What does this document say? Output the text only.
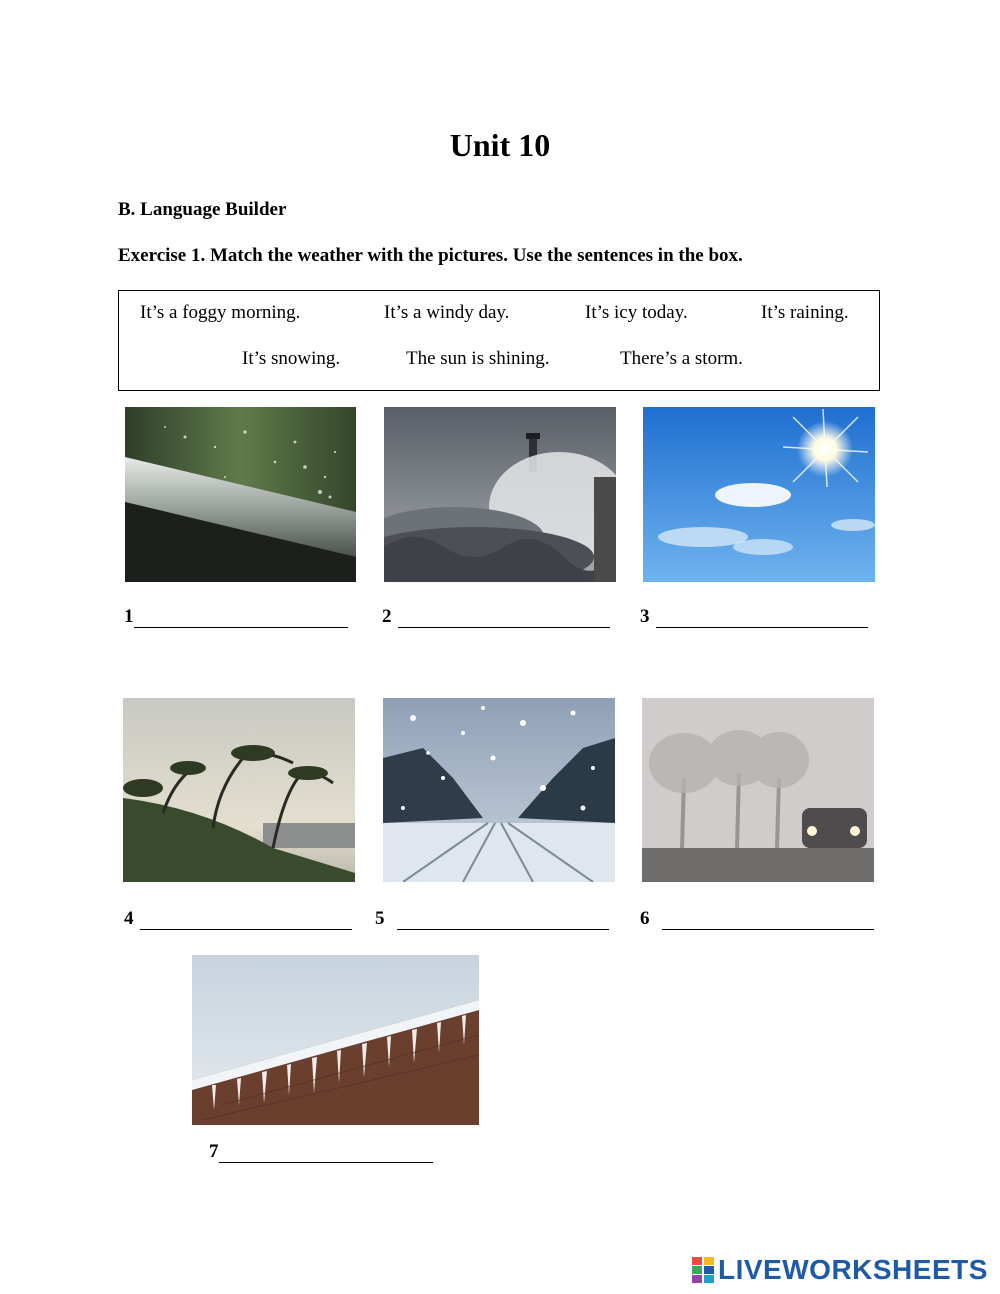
Unit 10
B. Language Builder
Exercise 1. Match the weather with the pictures. Use the sentences in the box.
It’s a foggy morning.	It’s a windy day.	It’s icy today.	It’s raining.
It’s snowing.	The sun is shining.	There’s a storm.
1	2	3
4	5	6
7
LIVEWORKSHEETS
